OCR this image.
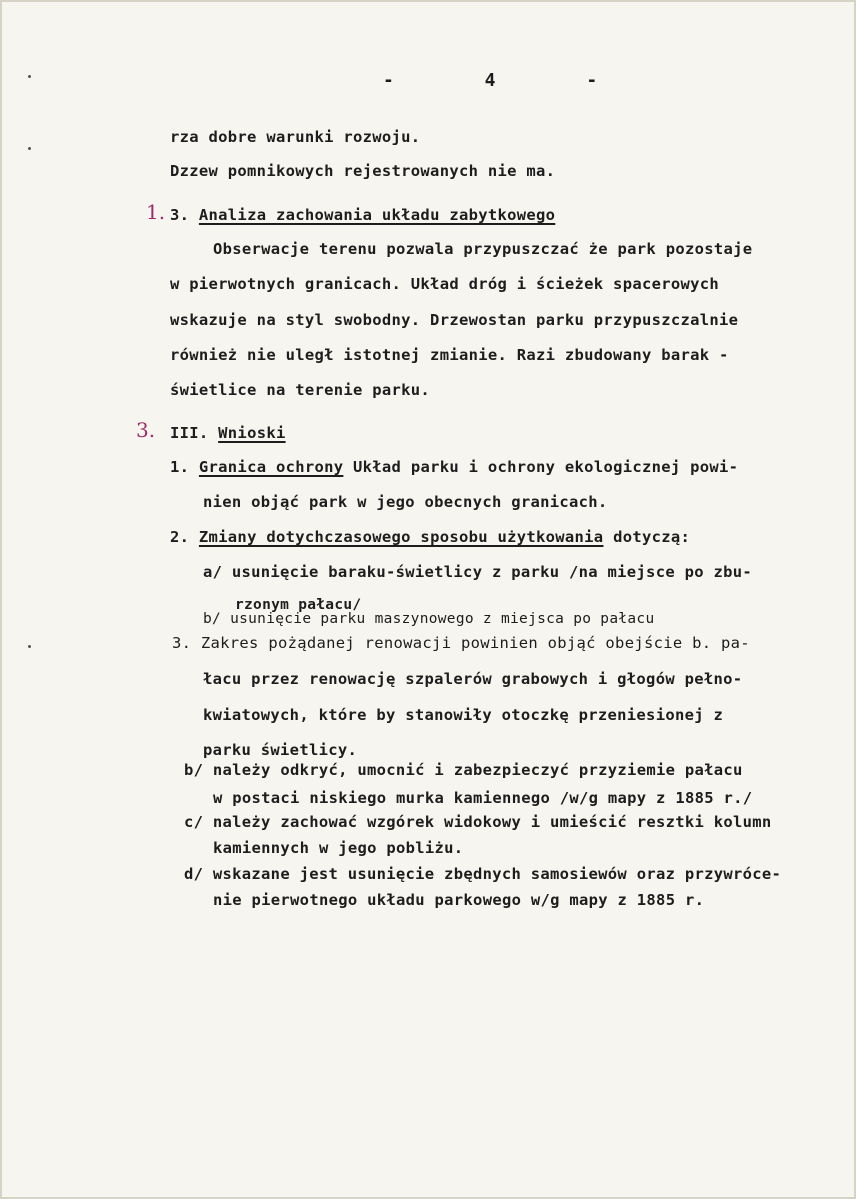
- 4 -
rza dobre warunki rozwoju.
Dzzew pomnikowych rejestrowanych nie ma.
1. 3. Analiza zachowania układu zabytkowego
Obserwacje terenu pozwala przypuszczać że park pozostaje
w pierwotnych granicach. Układ dróg i ścieżek spacerowych
wskazuje na styl swobodny. Drzewostan parku przypuszczalnie
również nie uległ istotnej zmianie. Razi zbudowany barak -
świetlice na terenie parku.
3. III. Wnioski
1. Granica ochrony Układ parku i ochrony ekologicznej powi-
nien objąć park w jego obecnych granicach.
2. Zmiany dotychczasowego sposobu użytkowania dotyczą:
a/ usunięcie baraku-świetlicy z parku /na miejsce po zbu-
rzonym pałacu/
b/ usunięcie parku maszynowego z miejsca po pałacu
3. Zakres pożądanej renowacji powinien objąć obejście b. pa-
łacu przez renowację szpalerów grabowych i głogów pełno-
kwiatowych, które by stanowiły otoczkę przeniesionej z
parku świetlicy.
b/ należy odkryć, umocnić i zabezpieczyć przyziemie pałacu
w postaci niskiego murka kamiennego /w/g mapy z 1885 r./
c/ należy zachować wzgórek widokowy i umieścić resztki kolumn
kamiennych w jego pobliżu.
d/ wskazane jest usunięcie zbędnych samosiewów oraz przywróce-
nie pierwotnego układu parkowego w/g mapy z 1885 r.
